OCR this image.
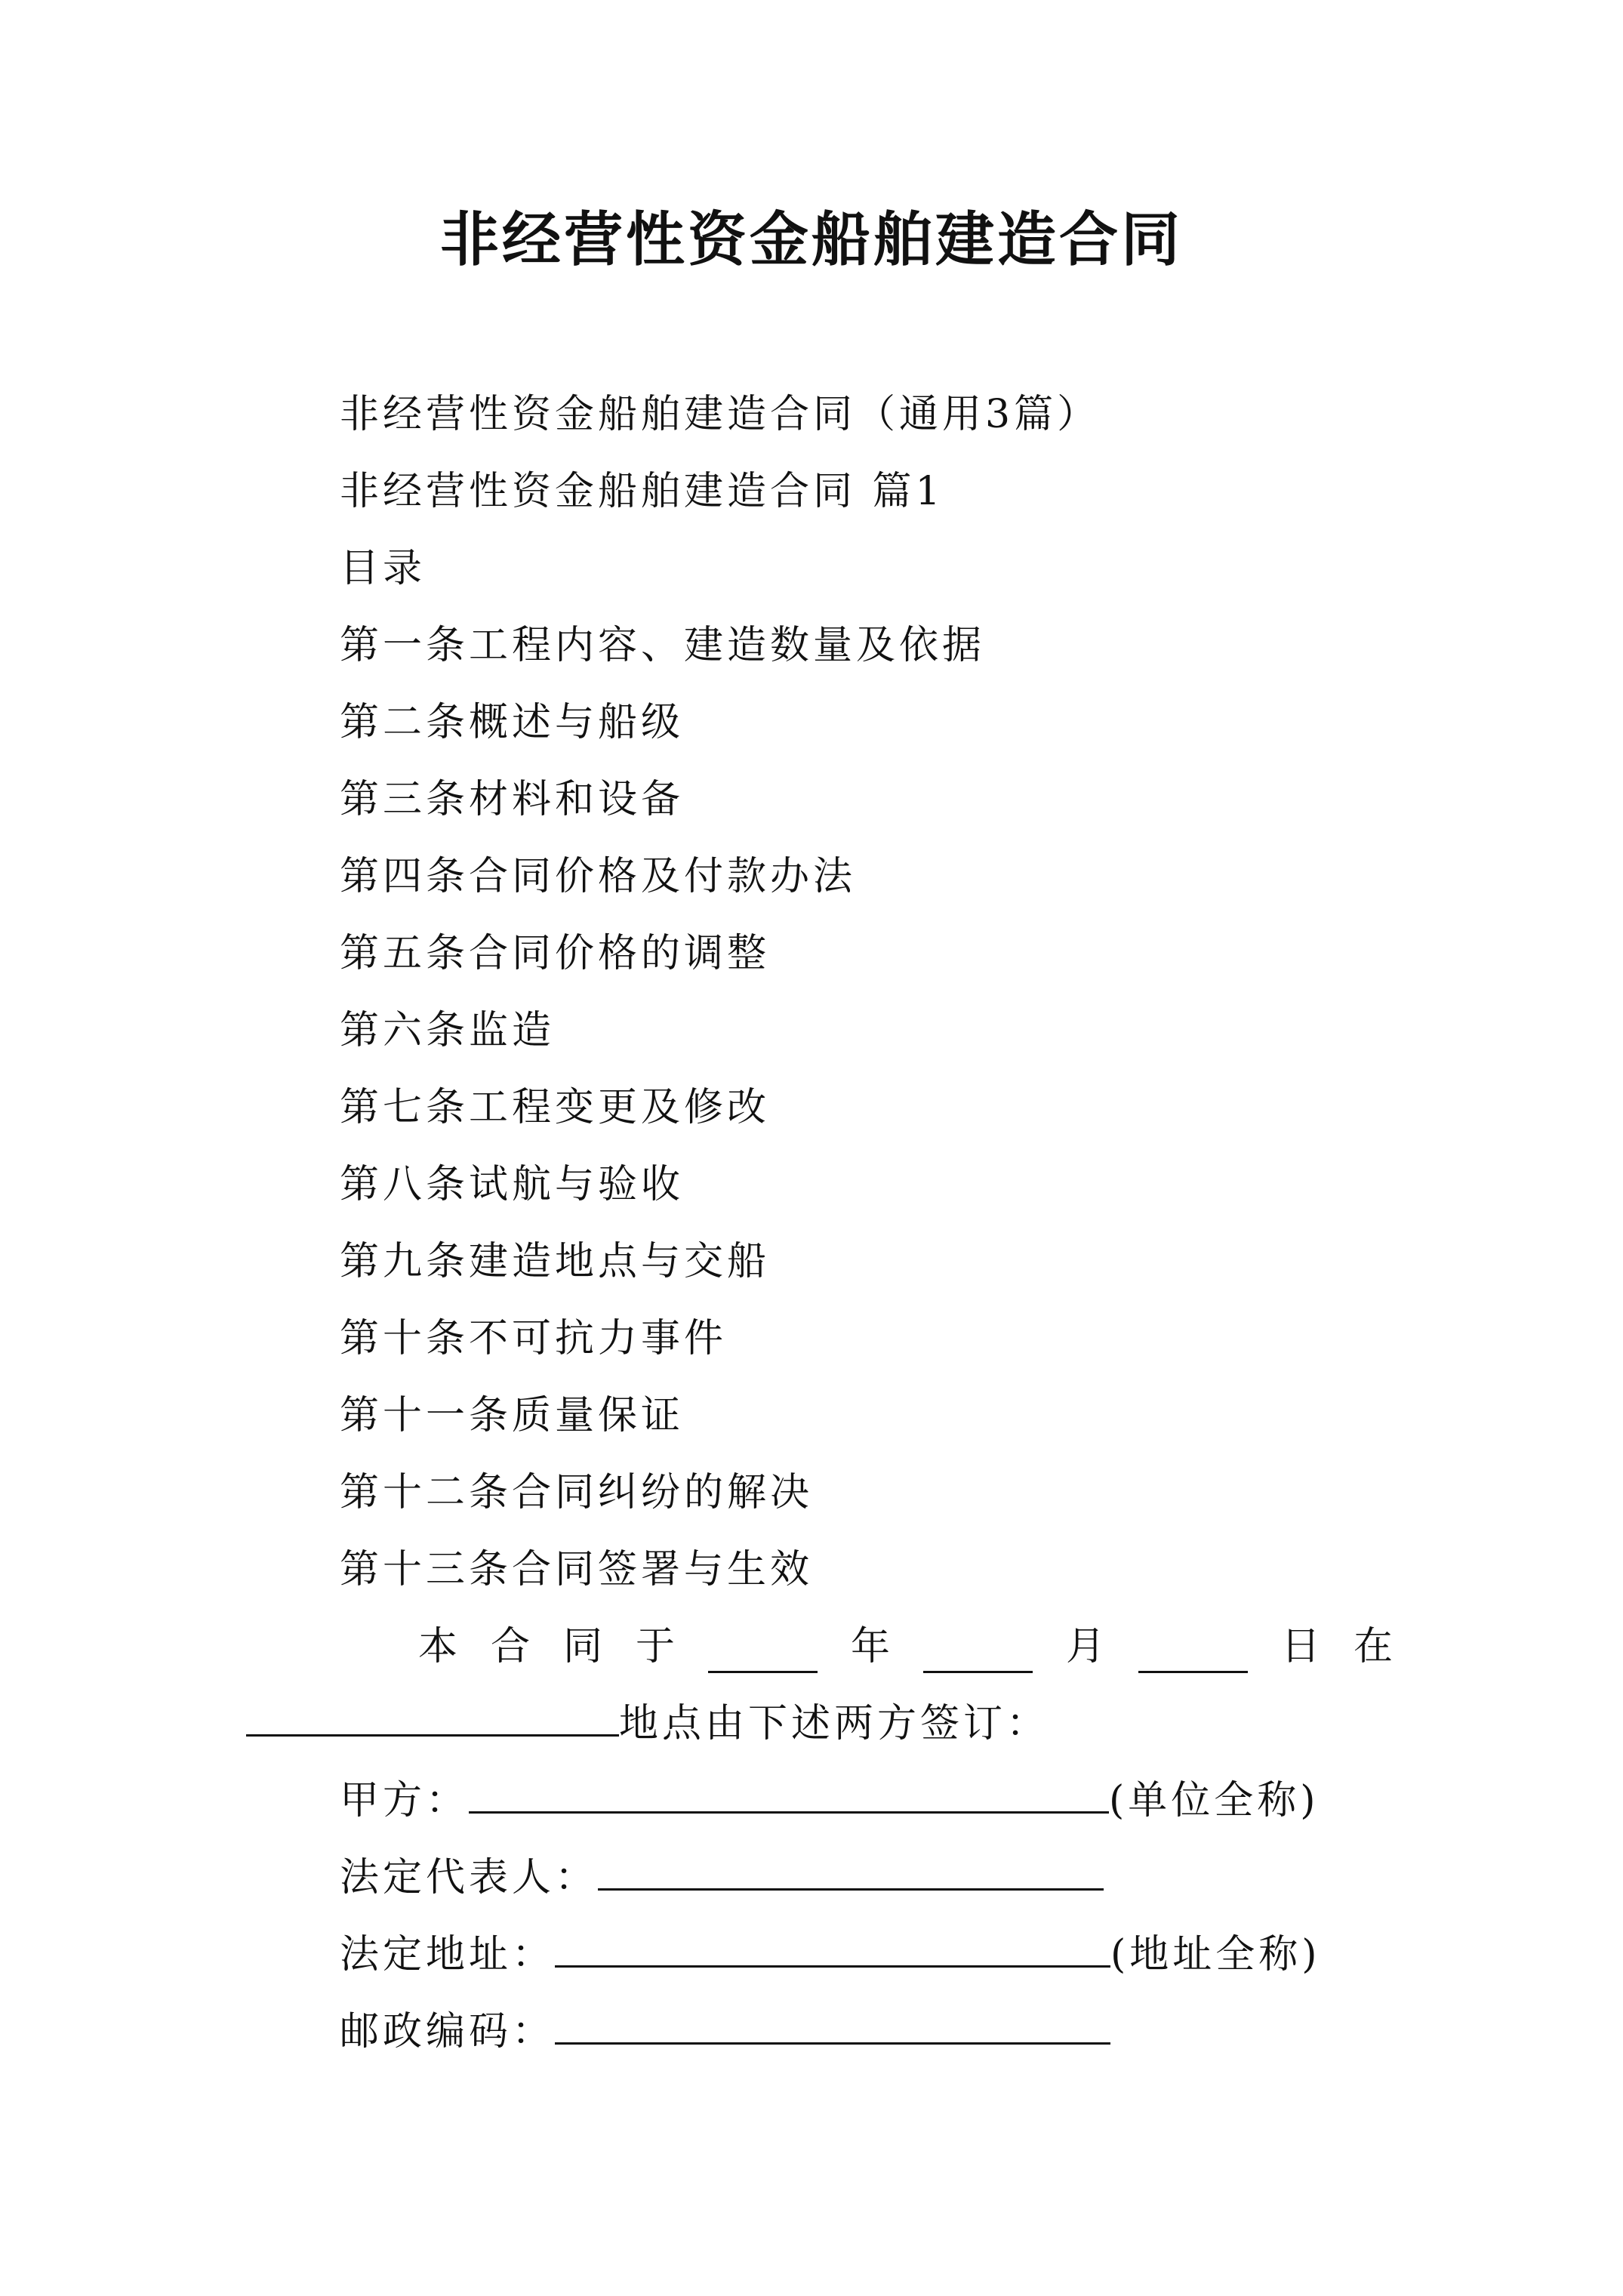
非经营性资金船舶建造合同
非经营性资金船舶建造合同（通用3篇）
非经营性资金船舶建造合同 篇1
目录
第一条工程内容、建造数量及依据
第二条概述与船级
第三条材料和设备
第四条合同价格及付款办法
第五条合同价格的调整
第六条监造
第七条工程变更及修改
第八条试航与验收
第九条建造地点与交船
第十条不可抗力事件
第十一条质量保证
第十二条合同纠纷的解决
第十三条合同签署与生效
本 合 同 于	年	月	日 在
地点由下述两方签订：
甲方：	(单位全称)
法定代表人：
法定地址：	(地址全称)
邮政编码：
